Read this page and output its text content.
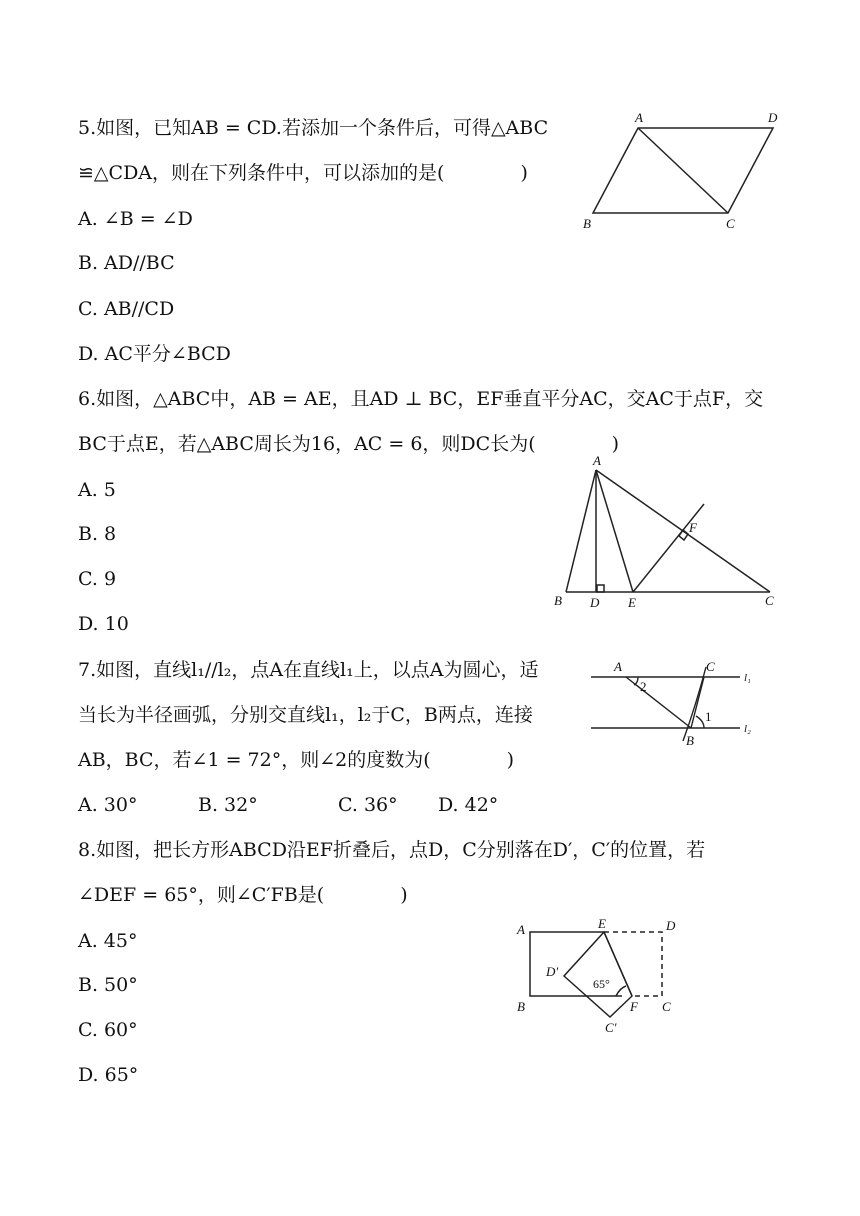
5.如图，已知AB = CD.若添加一个条件后，可得△ABC
≌△CDA，则在下列条件中，可以添加的是(　　　　)
A. ∠B = ∠D
B. AD//BC
C. AB//CD
D. AC平分∠BCD
A	D
B	C
6.如图，△ABC中，AB = AE，且AD ⊥ BC，EF垂直平分AC，交AC于点F，交
BC于点E，若△ABC周长为16，AC = 6，则DC长为(　　　　)
A. 5
B. 8
C. 9
D. 10
A
B D E	C
F
7.如图，直线l₁//l₂，点A在直线l₁上，以点A为圆心，适
当长为半径画弧，分别交直线l₁，l₂于C，B两点，连接
AB，BC，若∠1 = 72°，则∠2的度数为(　　　　)
A. 30°	B. 32°	C. 36° D. 42°
A	C
B
2
1
l₁
l₂
8.如图，把长方形ABCD沿EF折叠后，点D，C分别落在D′，C′的位置，若
∠DEF = 65°，则∠C′FB是(　　　　)
A. 45°
B. 50°
C. 60°
D. 65°
A	E	D
B	C
F
D′
C′
65°
